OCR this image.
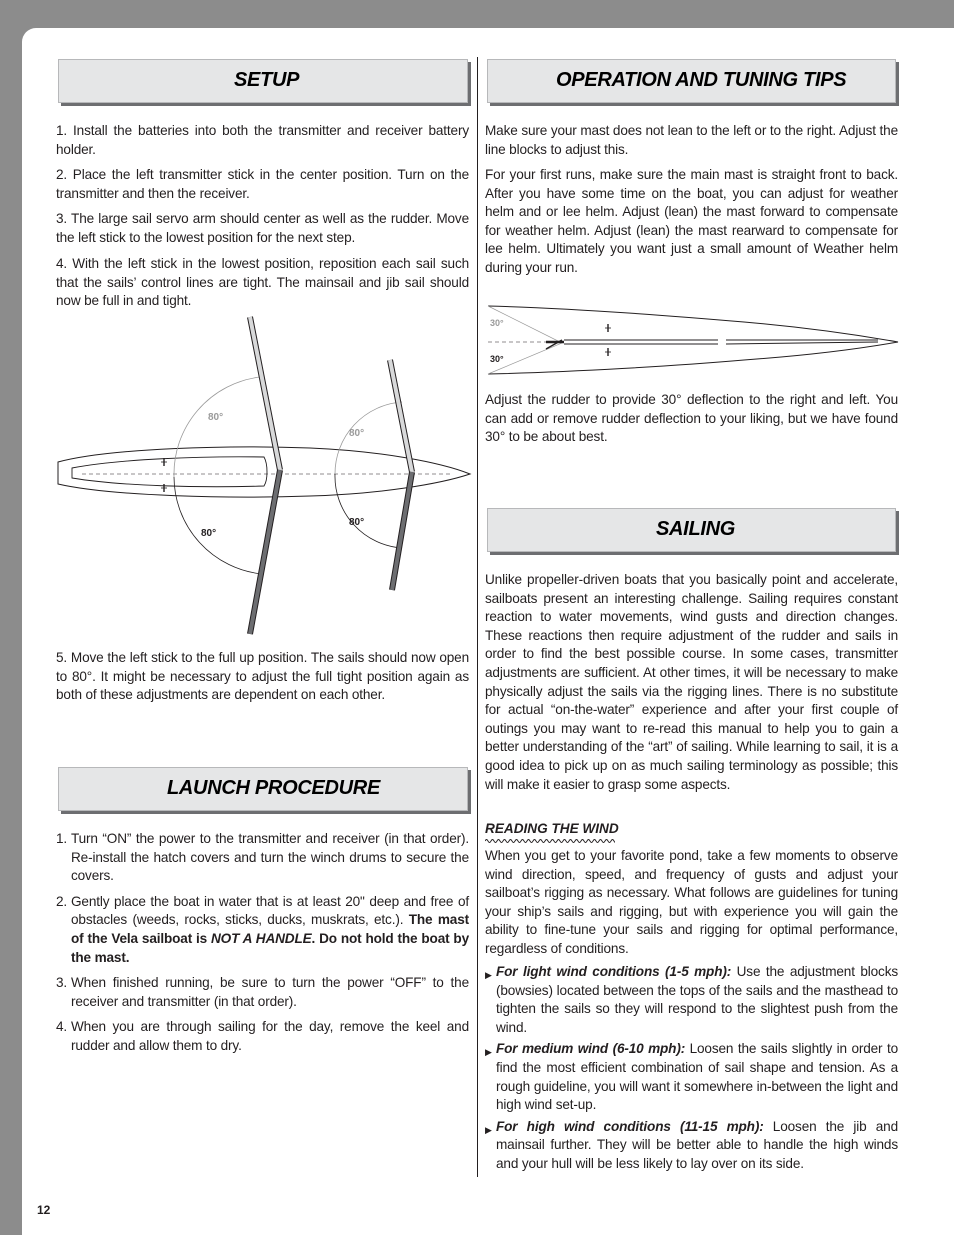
SETUP

1. Install the batteries into both the transmitter and receiver battery holder.

2. Place the left transmitter stick in the center position. Turn on the transmitter and then the receiver.

3. The large sail servo arm should center as well as the rudder. Move the left stick to the lowest position for the next step.

4. With the left stick in the lowest position, reposition each sail such that the sails’ control lines are tight. The mainsail and jib sail should now be full in and tight.

80°
80°
80°
80°

5. Move the left stick to the full up position. The sails should now open to 80°. It might be necessary to adjust the full tight position again as both of these adjustments are dependent on each other.

LAUNCH PROCEDURE
1. Turn “ON” the power to the transmitter and receiver (in that order). Re-install the hatch covers and turn the winch drums to secure the covers.
2. Gently place the boat in water that is at least 20" deep and free of obstacles (weeds, rocks, sticks, ducks, muskrats, etc.). The mast of the Vela sailboat is NOT A HANDLE. Do not hold the boat by the mast.
3. When finished running, be sure to turn the power “OFF” to the receiver and transmitter (in that order).
4. When you are through sailing for the day, remove the keel and rudder and allow them to dry.
OPERATION AND TUNING TIPS

Make sure your mast does not lean to the left or to the right. Adjust the line blocks to adjust this.

For your first runs, make sure the main mast is straight front to back. After you have some time on the boat, you can adjust for weather helm and or lee helm. Adjust (lean) the mast forward to compensate for weather helm. Adjust (lean) the mast rearward to compensate for lee helm. Ultimately you want just a small amount of Weather helm during your run.

30°
30°

Adjust the rudder to provide 30° deflection to the right and left. You can add or remove rudder deflection to your liking, but we have found 30° to be about best.

SAILING

Unlike propeller-driven boats that you basically point and accelerate, sailboats present an interesting challenge. Sailing requires constant reaction to water movements, wind gusts and direction changes. These reactions then require adjustment of the rudder and sails in order to find the best possible course. In some cases, transmitter adjustments are sufficient. At other times, it will be necessary to make physically adjust the sails via the rigging lines. There is no substitute for actual “on-the-water” experience and after your first couple of outings you may want to re-read this manual to help you to gain a better understanding of the “art” of sailing. While learning to sail, it is a good idea to pick up on as much sailing terminology as possible; this will make it easier to grasp some aspects.

READING THE WIND

When you get to your favorite pond, take a few moments to observe wind direction, speed, and frequency of gusts and adjust your sailboat’s rigging as necessary. What follows are guidelines for tuning your ship’s sails and rigging, but with experience you will gain the ability to fine-tune your sails and rigging for optimal performance, regardless of conditions.

▶ For light wind conditions (1-5 mph): Use the adjustment blocks (bowsies) located between the tops of the sails and the masthead to tighten the sails so they will respond to the slightest push from the wind.
▶ For medium wind (6-10 mph): Loosen the sails slightly in order to find the most efficient combination of sail shape and tension. As a rough guideline, you will want it somewhere in-between the light and high wind set-up.
▶ For high wind conditions (11-15 mph): Loosen the jib and mainsail further. They will be better able to handle the high winds and your hull will be less likely to lay over on its side.
12
